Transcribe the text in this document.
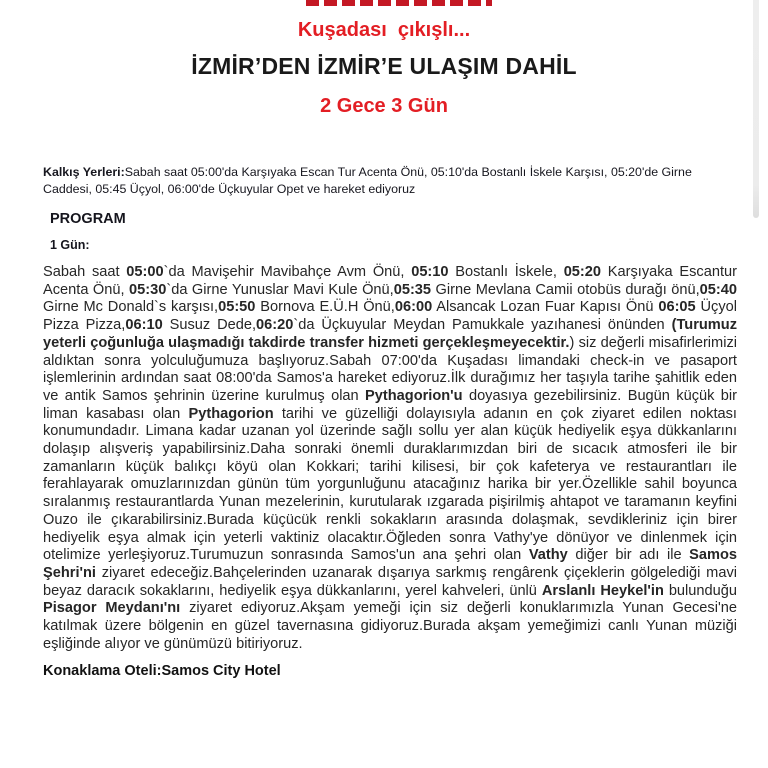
Kuşadası  çıkışlı...
İZMİR’DEN İZMİR’E ULAŞIM DAHİL
2 Gece 3 Gün

Kalkış Yerleri:Sabah saat 05:00'da Karşıyaka Escan Tur Acenta Önü, 05:10'da Bostanlı İskele Karşısı, 05:20'de Girne Caddesi, 05:45 Üçyol, 06:00'de Üçkuyular Opet ve hareket ediyoruz

PROGRAM
1 Gün:

Sabah saat 05:00`da Mavişehir Mavibahçe Avm Önü, 05:10 Bostanlı İskele, 05:20 Karşıyaka Escantur Acenta Önü, 05:30`da Girne Yunuslar Mavi Kule Önü,05:35 Girne Mevlana Camii otobüs durağı önü,05:40 Girne Mc Donald`s karşısı,05:50 Bornova E.Ü.H Önü,06:00 Alsancak Lozan Fuar Kapısı Önü 06:05 Üçyol Pizza Pizza,06:10 Susuz Dede,06:20`da Üçkuyular Meydan Pamukkale yazıhanesi önünden (Turumuz yeterli çoğunluğa ulaşmadığı takdirde transfer hizmeti gerçekleşmeyecektir.) siz değerli misafirlerimizi aldıktan sonra yolculuğumuza başlıyoruz.Sabah 07:00'da Kuşadası limandaki check-in ve pasaport işlemlerinin ardından saat 08:00'da Samos'a hareket ediyoruz.İlk durağımız her taşıyla tarihe şahitlik eden ve antik Samos şehrinin üzerine kurulmuş olan Pythagorion'u doyasıya gezebilirsiniz. Bugün küçük bir liman kasabası olan Pythagorion tarihi ve güzelliği dolayısıyla adanın en çok ziyaret edilen noktası konumundadır. Limana kadar uzanan yol üzerinde sağlı sollu yer alan küçük hediyelik eşya dükkanlarını dolaşıp alışveriş yapabilirsiniz.Daha sonraki önemli duraklarımızdan biri de sıcacık atmosferi ile bir zamanların küçük balıkçı köyü olan Kokkari; tarihi kilisesi, bir çok kafeterya ve restaurantları ile ferahlayarak omuzlarınızdan günün tüm yorgunluğunu atacağınız harika bir yer.Özellikle sahil boyunca sıralanmış restaurantlarda Yunan mezelerinin, kurutularak ızgarada pişirilmiş ahtapot ve taramanın keyfini Ouzo ile çıkarabilirsiniz.Burada küçücük renkli sokakların arasında dolaşmak, sevdikleriniz için birer hediyelik eşya almak için yeterli vaktiniz olacaktır.Öğleden sonra Vathy'ye dönüyor ve dinlenmek için otelimize yerleşiyoruz.Turumuzun sonrasında Samos'un ana şehri olan Vathy diğer bir adı ile Samos Şehri'ni ziyaret edeceğiz.Bahçelerinden uzanarak dışarıya sarkmış rengârenk çiçeklerin gölgelediği mavi beyaz daracık sokaklarını, hediyelik eşya dükkanlarını, yerel kahveleri, ünlü Arslanlı Heykel'in bulunduğu Pisagor Meydanı'nı ziyaret ediyoruz.Akşam yemeği için siz değerli konuklarımızla Yunan Gecesi'ne katılmak üzere bölgenin en güzel tavernasına gidiyoruz.Burada akşam yemeğimizi canlı Yunan müziği eşliğinde alıyor ve günümüzü bitiriyoruz.

Konaklama Oteli:Samos City Hotel
